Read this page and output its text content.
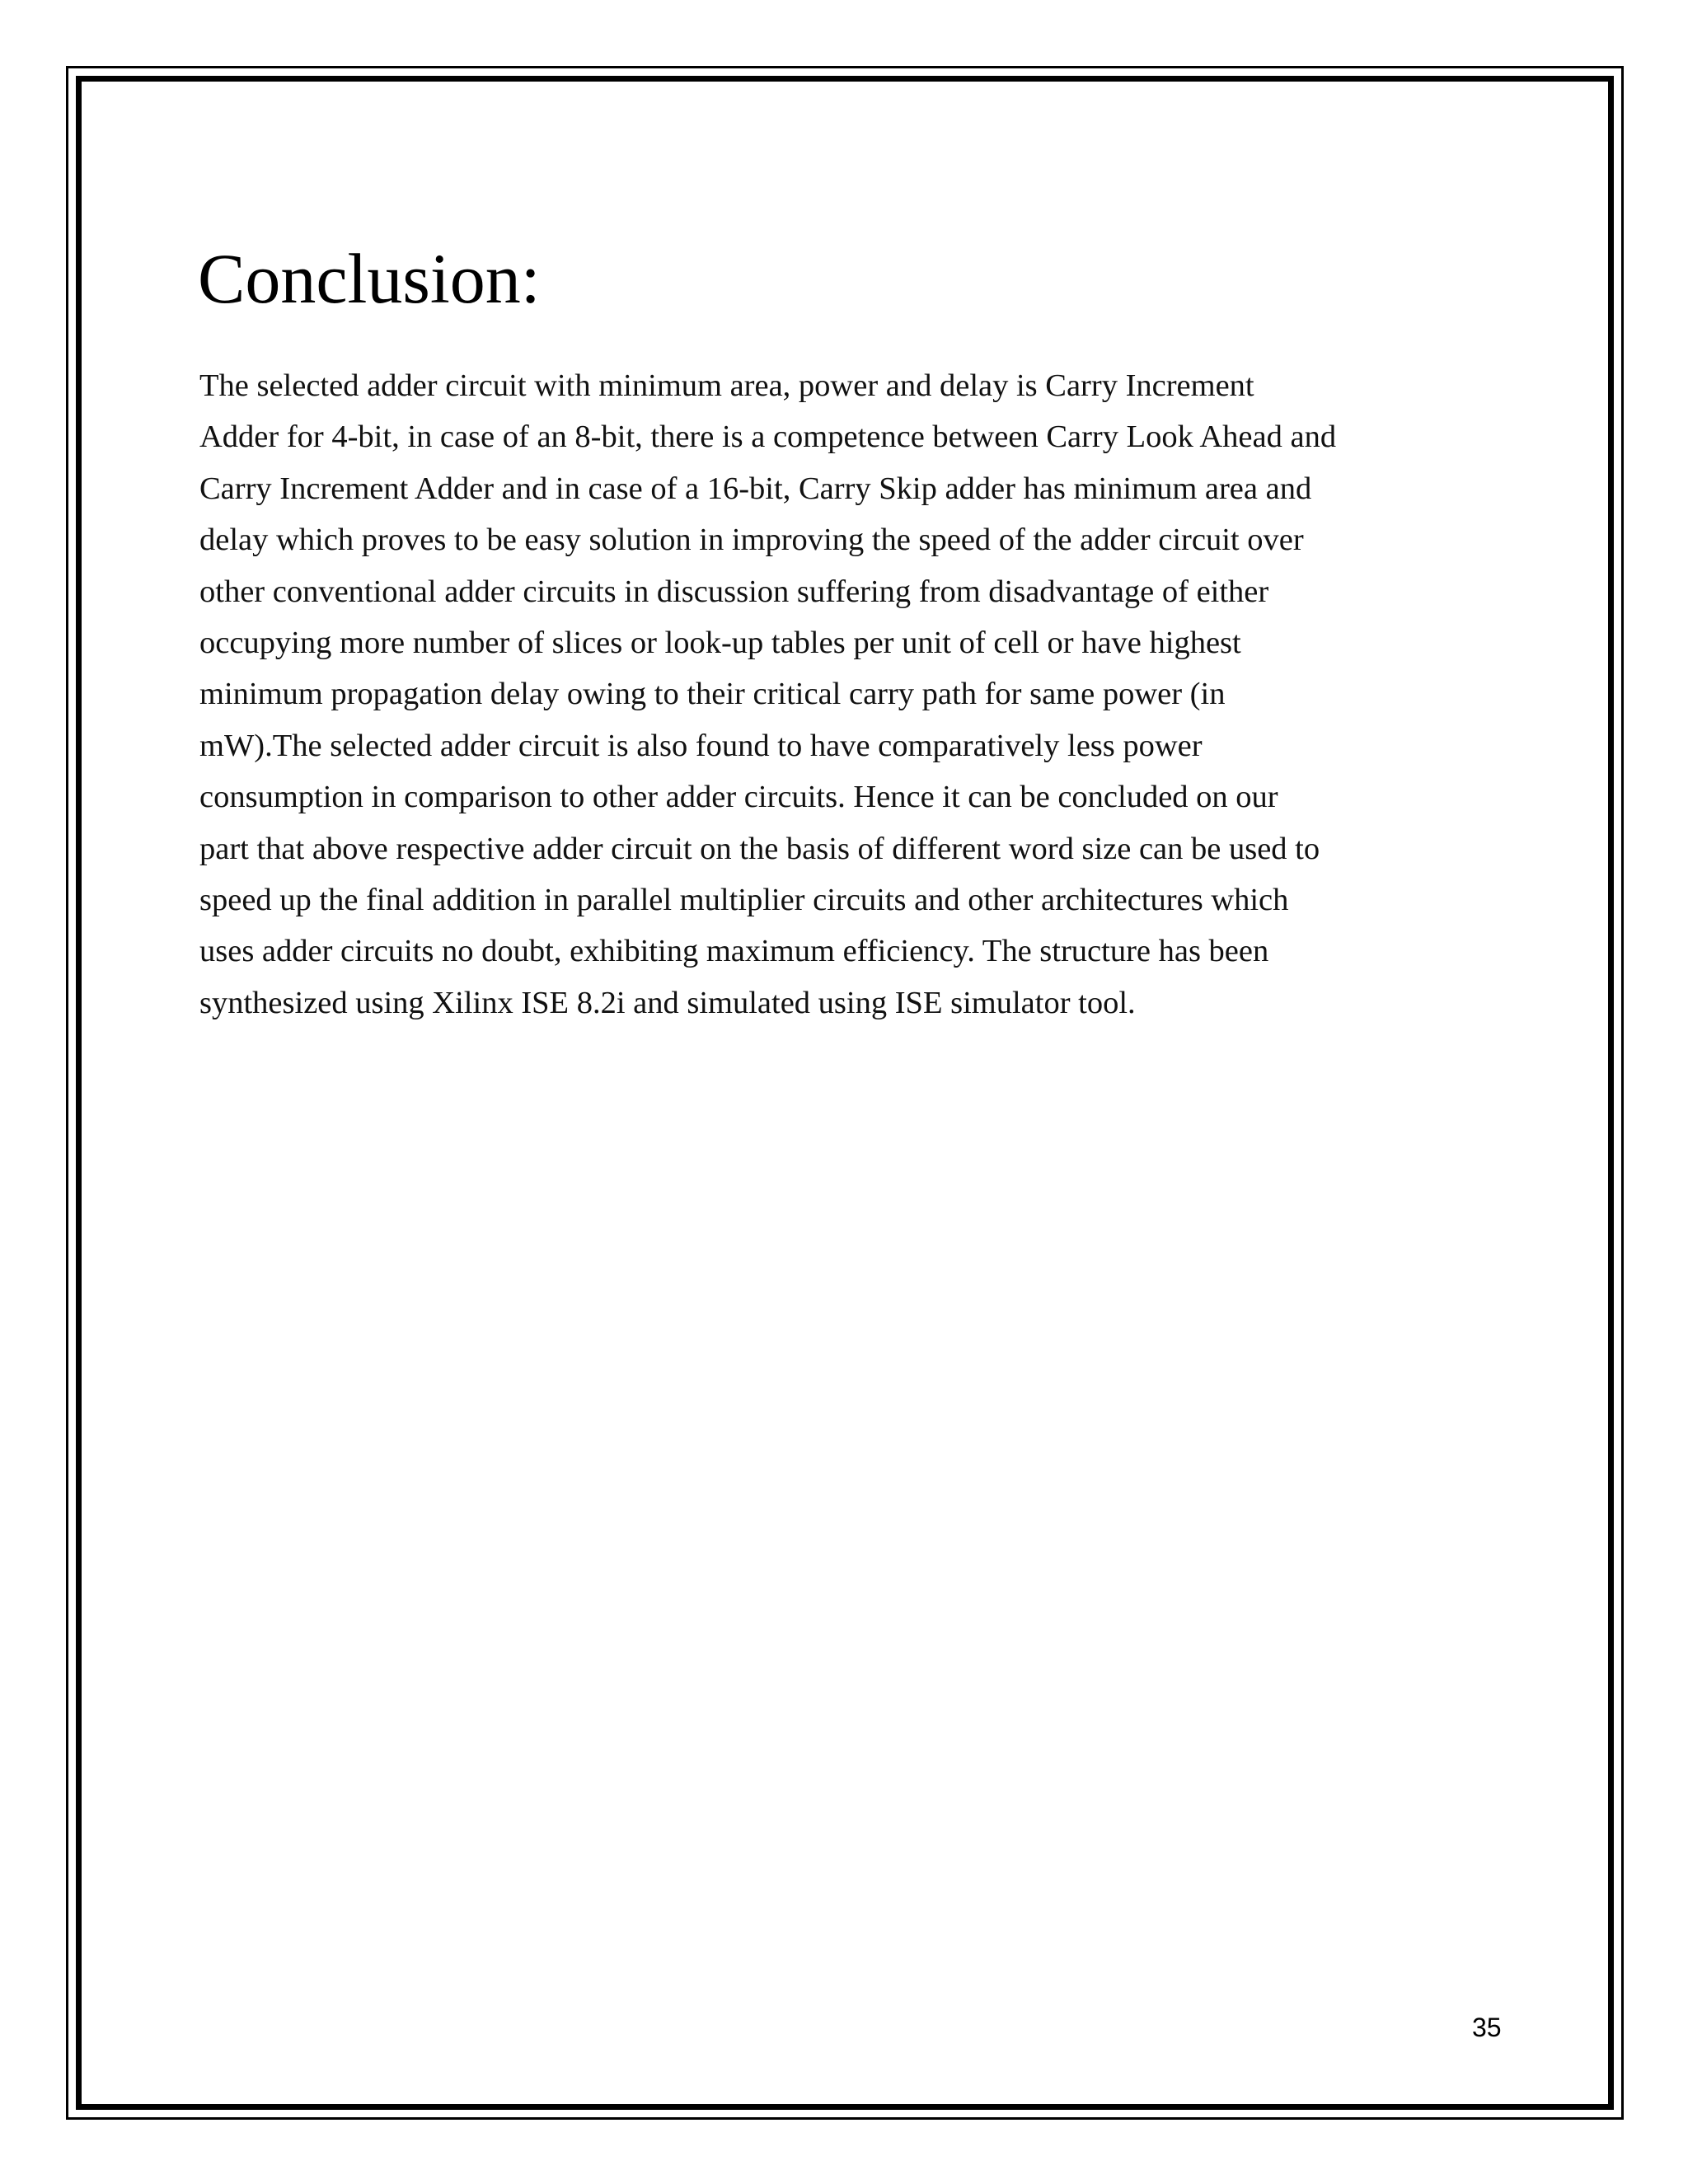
Conclusion:
The selected adder circuit with minimum area, power and delay is Carry Increment
Adder for 4-bit, in case of an 8-bit, there is a competence between Carry Look Ahead and
Carry Increment Adder and in case of a 16-bit, Carry Skip adder has minimum area and
delay which proves to be easy solution in improving the speed of the adder circuit over
other conventional adder circuits in discussion suffering from disadvantage of either
occupying more number of slices or look-up tables per unit of cell or have highest
minimum propagation delay owing to their critical carry path for same power (in
mW).The selected adder circuit is also found to have comparatively less power
consumption in comparison to other adder circuits. Hence it can be concluded on our
part that above respective adder circuit on the basis of different word size can be used to
speed up the final addition in parallel multiplier circuits and other architectures which
uses adder circuits no doubt, exhibiting maximum efficiency. The structure has been
synthesized using Xilinx ISE 8.2i and simulated using ISE simulator tool.
35
